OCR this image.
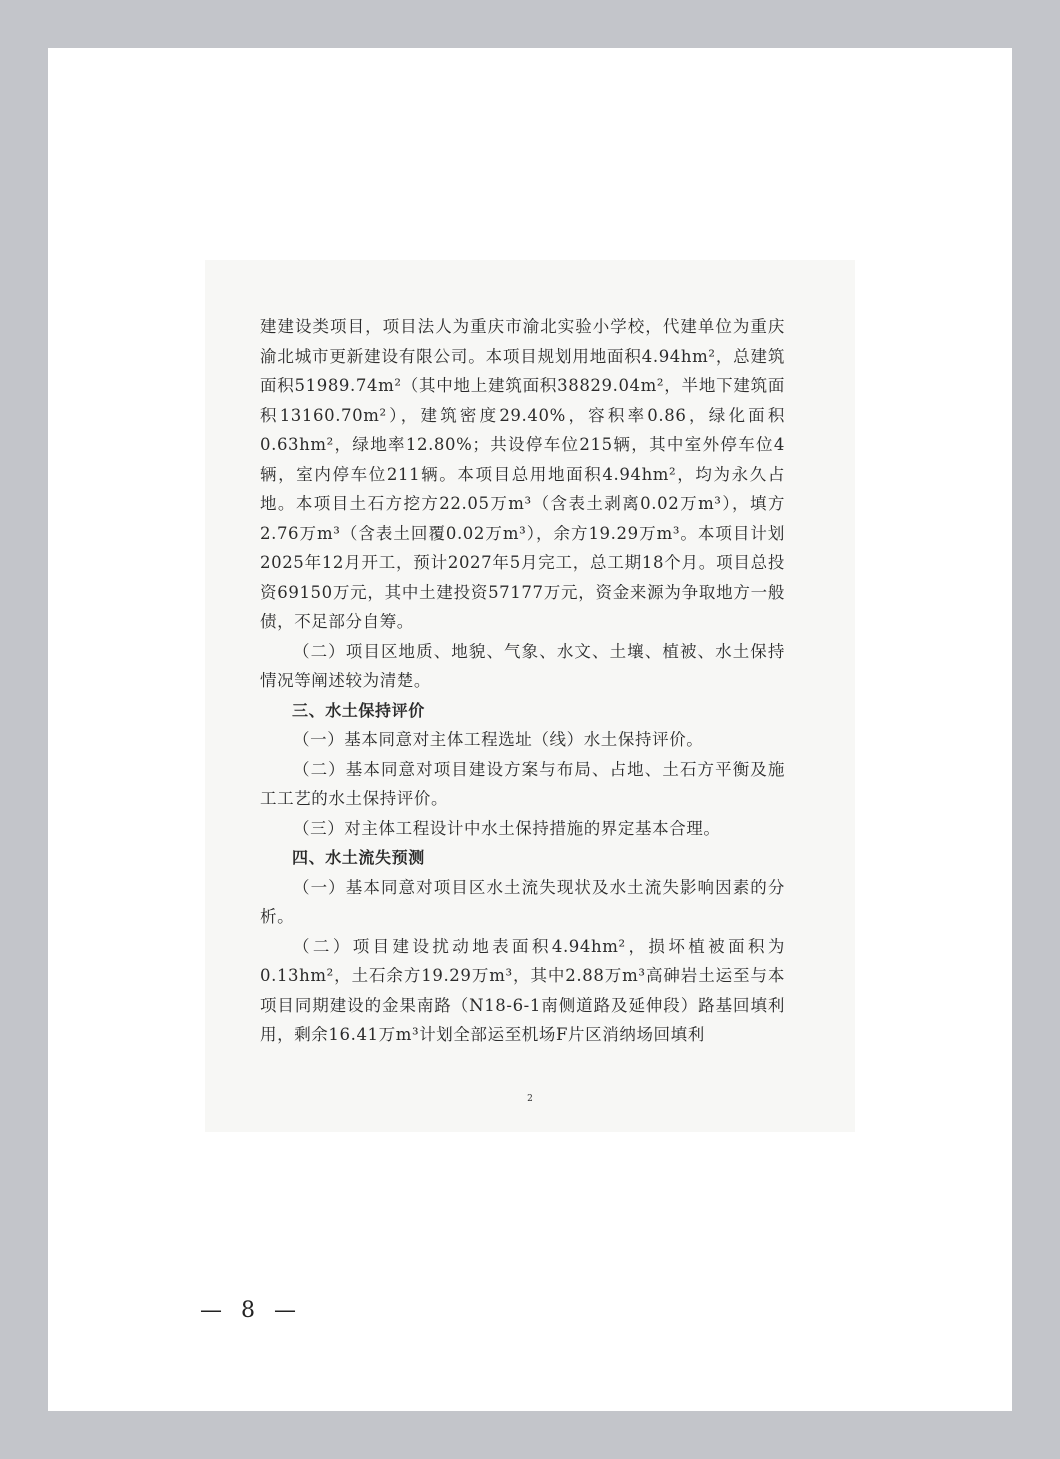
建建设类项目，项目法人为重庆市渝北实验小学校，代建单位为重庆渝北城市更新建设有限公司。本项目规划用地面积4.94hm²，总建筑面积51989.74m²（其中地上建筑面积38829.04m²，半地下建筑面积13160.70m²），建筑密度29.40%，容积率0.86，绿化面积0.63hm²，绿地率12.80%；共设停车位215辆，其中室外停车位4辆，室内停车位211辆。本项目总用地面积4.94hm²，均为永久占地。本项目土石方挖方22.05万m³（含表土剥离0.02万m³），填方2.76万m³（含表土回覆0.02万m³），余方19.29万m³。本项目计划2025年12月开工，预计2027年5月完工，总工期18个月。项目总投资69150万元，其中土建投资57177万元，资金来源为争取地方一般债，不足部分自筹。

（二）项目区地质、地貌、气象、水文、土壤、植被、水土保持情况等阐述较为清楚。

三、水土保持评价

（一）基本同意对主体工程选址（线）水土保持评价。

（二）基本同意对项目建设方案与布局、占地、土石方平衡及施工工艺的水土保持评价。

（三）对主体工程设计中水土保持措施的界定基本合理。

四、水土流失预测

（一）基本同意对项目区水土流失现状及水土流失影响因素的分析。

（二）项目建设扰动地表面积4.94hm²，损坏植被面积为0.13hm²，土石余方19.29万m³，其中2.88万m³高砷岩土运至与本项目同期建设的金果南路（N18-6-1南侧道路及延伸段）路基回填利用，剩余16.41万m³计划全部运至机场F片区消纳场回填利

2
— 8 —
